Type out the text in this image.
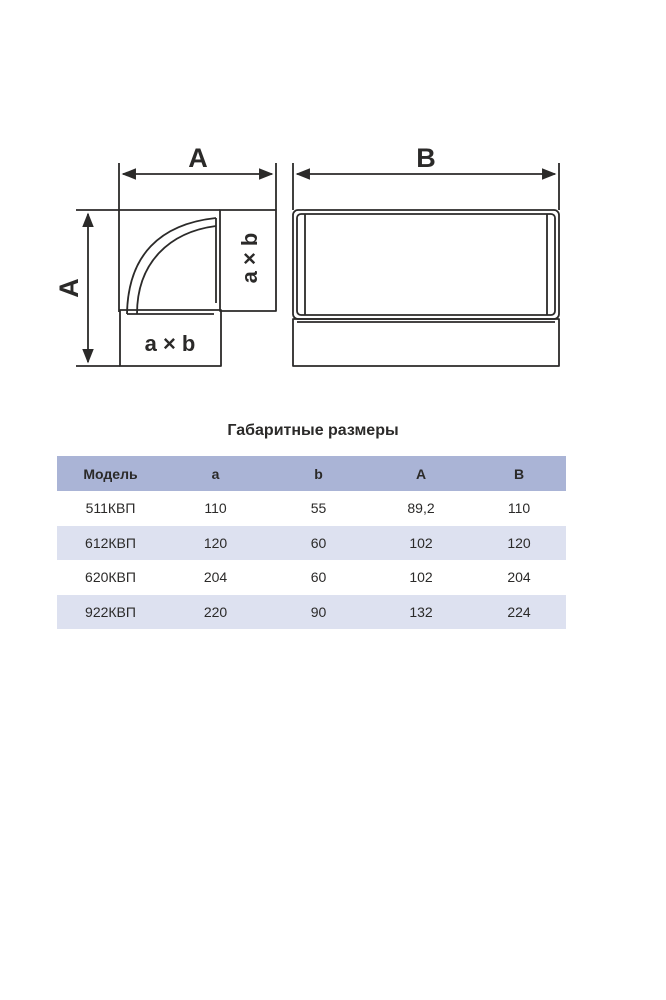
A
A
a × b
a × b
B
Габаритные размеры
Модель	a	b	A	B
511КВП	110	55	89,2	110
612КВП	120	60	102	120
620КВП	204	60	102	204
922КВП	220	90	132	224
